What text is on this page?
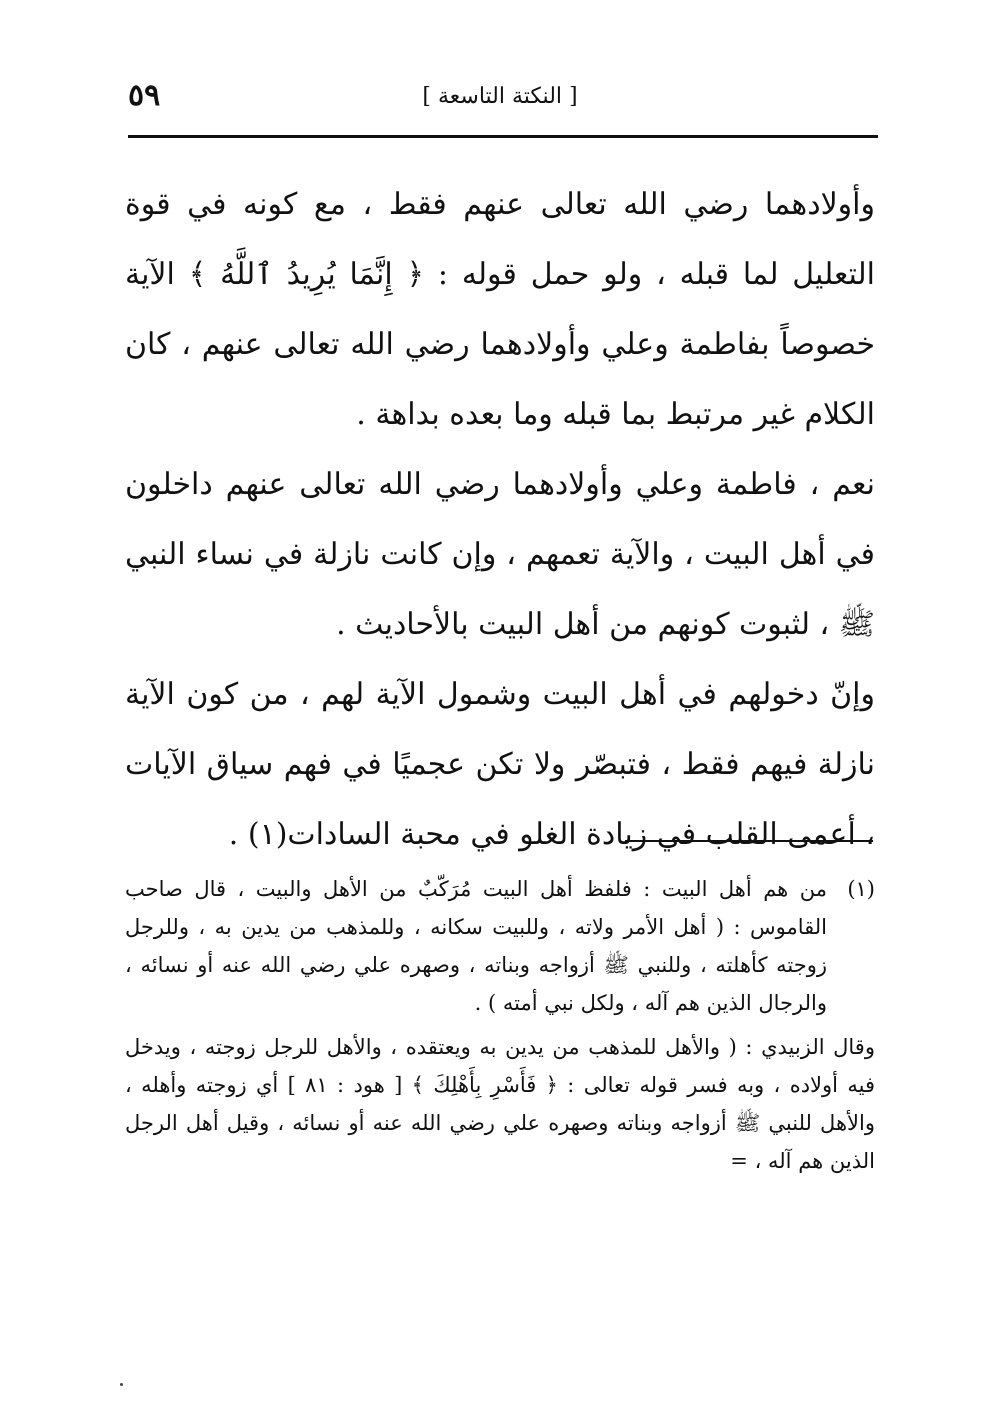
٥٩	[ النكتة التاسعة ]

وأولادهما رضي الله تعالى عنهم فقط ، مع كونه في قوة التعليل لما قبله ، ولو حمل قوله : ﴿ إِنَّمَا يُرِيدُ ٱللَّهُ ﴾ الآية خصوصاً بفاطمة وعلي وأولادهما رضي الله تعالى عنهم ، كان الكلام غير مرتبط بما قبله وما بعده بداهة .

نعم ، فاطمة وعلي وأولادهما رضي الله تعالى عنهم داخلون في أهل البيت ، والآية تعمهم ، وإن كانت نازلة في نساء النبي ﷺ ، لثبوت كونهم من أهل البيت بالأحاديث .

وإنّ دخولهم في أهل البيت وشمول الآية لهم ، من كون الآية نازلة فيهم فقط ، فتبصّر ولا تكن عجميًا في فهم سياق الآيات ، أعمى القلب في زيادة الغلو في محبة السادات(١) .

(١)
من هم أهل البيت : فلفظ أهل البيت مُرَكّبٌ من الأهل والبيت ، قال صاحب القاموس : ( أهل الأمر ولاته ، وللبيت سكانه ، وللمذهب من يدين به ، وللرجل زوجته كأهلته ، وللنبي ﷺ أزواجه وبناته ، وصهره علي رضي الله عنه أو نسائه ، والرجال الذين هم آله ، ولكل نبي أمته ) .

وقال الزبيدي : ( والأهل للمذهب من يدين به ويعتقده ، والأهل للرجل زوجته ، ويدخل فيه أولاده ، وبه فسر قوله تعالى : ﴿ فَأَسْرِ بِأَهْلِكَ ﴾ [ هود : ٨١ ] أي زوجته وأهله ، والأهل للنبي ﷺ أزواجه وبناته وصهره علي رضي الله عنه أو نسائه ، وقيل أهل الرجل الذين هم آله ، =
